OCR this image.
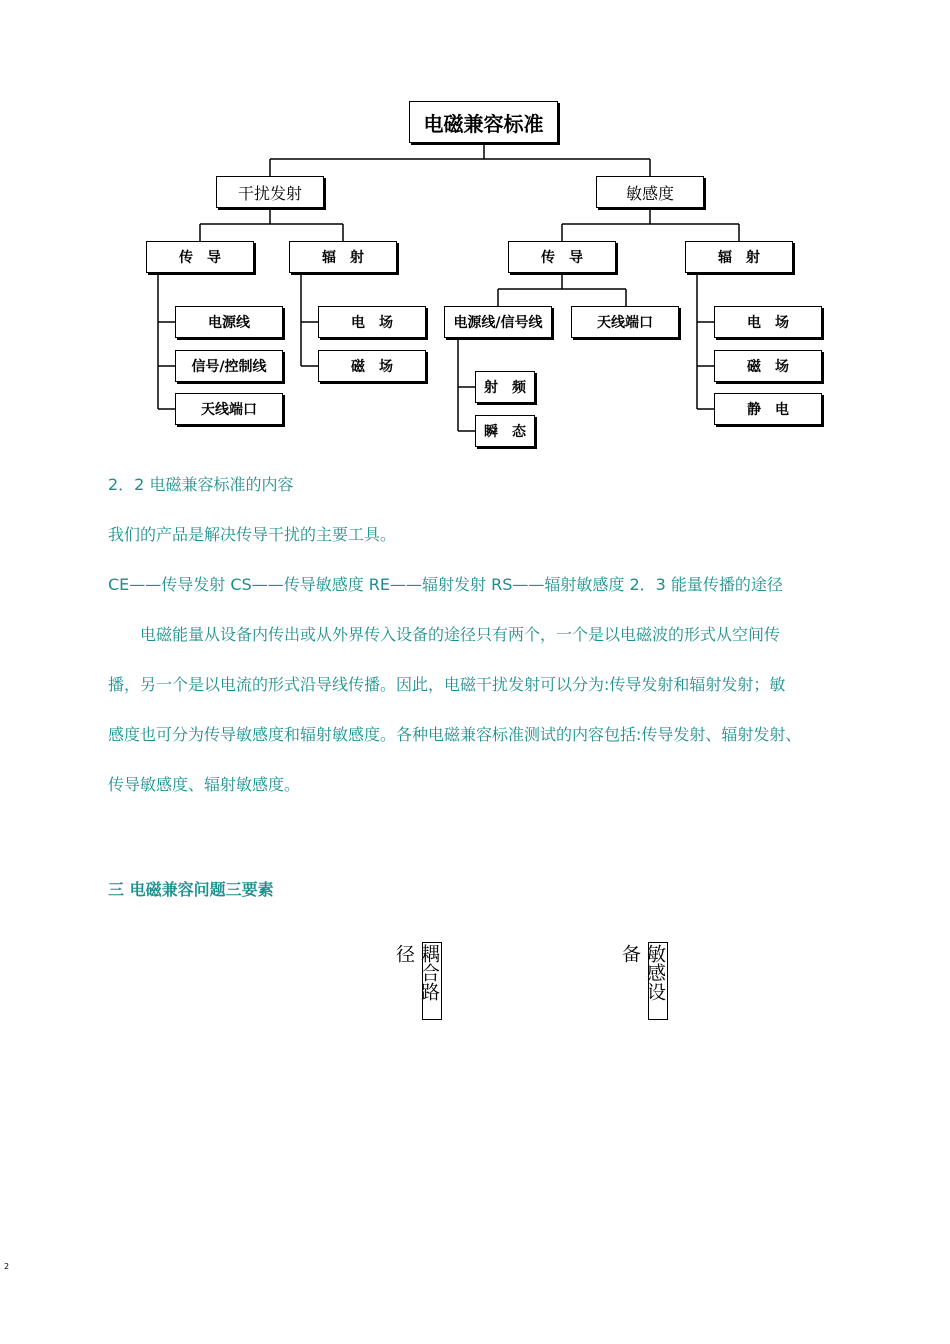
电磁兼容标准
干扰发射	敏感度
传　导	辐　射	传　导	辐　射
电源线
信号/控制线
天线端口
电　场
磁　场
电源线/信号线	天线端口
射　频
瞬　态
电　场
磁　场
静　电

2．2 电磁兼容标准的内容

我们的产品是解决传导干扰的主要工具。

CE——传导发射 CS——传导敏感度 RE——辐射发射 RS——辐射敏感度 2．3 能量传播的途径

　　电磁能量从设备内传出或从外界传入设备的途径只有两个，一个是以电磁波的形式从空间传

播，另一个是以电流的形式沿导线传播。因此，电磁干扰发射可以分为:传导发射和辐射发射；敏

感度也可分为传导敏感度和辐射敏感度。各种电磁兼容标准测试的内容包括:传导发射、辐射发射、

传导敏感度、辐射敏感度。

三 电磁兼容问题三要素

耦合路径	敏感设备
2
